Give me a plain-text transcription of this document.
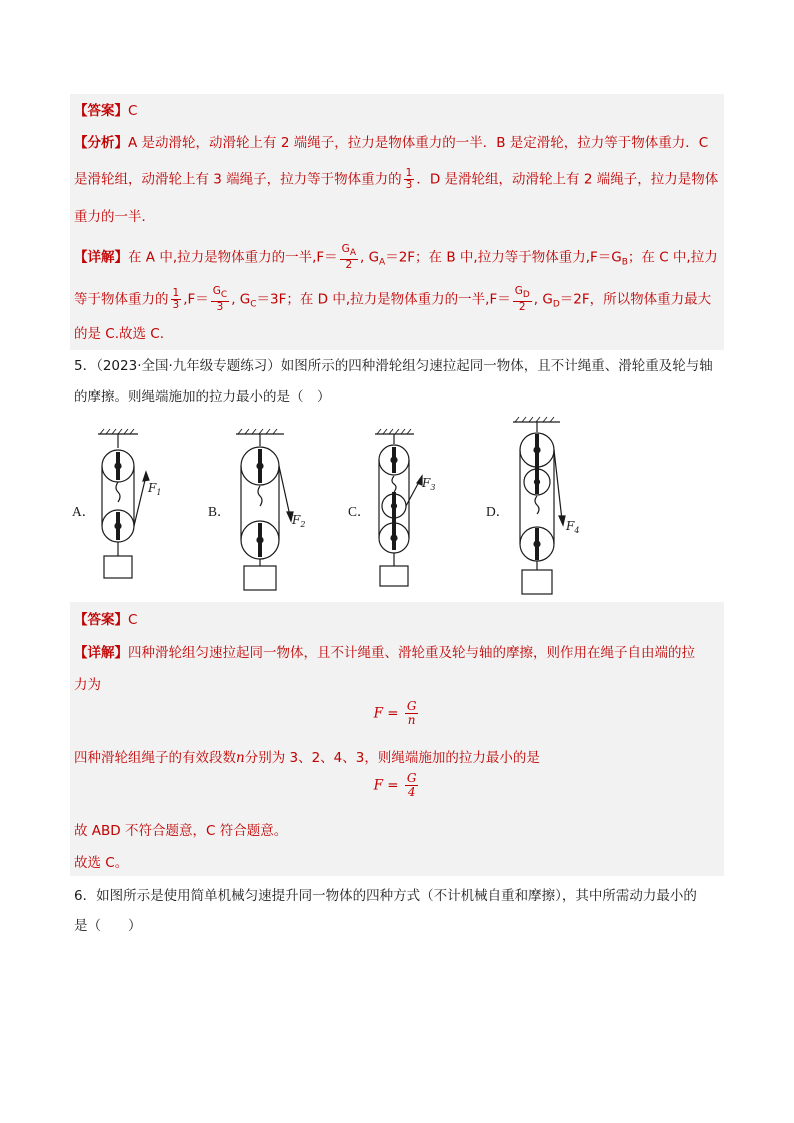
【答案】C
【分析】A 是动滑轮，动滑轮上有 2 端绳子，拉力是物体重力的一半．B 是定滑轮，拉力等于物体重力．C
是滑轮组，动滑轮上有 3 端绳子，拉力等于物体重力的 $\frac{1}{3}$ ．D 是滑轮组，动滑轮上有 2 端绳子，拉力是物体
重力的一半．
【详解】在 A 中,拉力是物体重力的一半$,F= \frac{GA}{2}$ , $G_A=2F$；在 B 中,拉力等于物体重力$,F=G_B$；在 C 中,拉力
等于物体重力的 $\frac{1}{3} ,F= \frac{GC}{3}$ , $G_C=3F$；在 D 中,拉力是物体重力的一半$,F= \frac{GD}{2}$ , $G_D=2F$，所以物体重力最大
的是 C.故选 C.
5．（2023·全国·九年级专题练习）如图所示的四种滑轮组匀速拉起同一物体，且不计绳重、滑轮重及轮与轴
的摩擦。则绳端施加的拉力最小的是（　）
A．	B．	C．	D．
$F_1$
$F_2$
$F_3$
$F_4$
【答案】C
【详解】四种滑轮组匀速拉起同一物体，且不计绳重、滑轮重及轮与轴的摩擦，则作用在绳子自由端的拉
力为
$F = \frac{G}{n}$
四种滑轮组绳子的有效段数n分别为 3、2、4、3，则绳端施加的拉力最小的是
$F = \frac{G}{4}$
故 ABD 不符合题意，C 符合题意。
故选 C。
6．如图所示是使用简单机械匀速提升同一物体的四种方式（不计机械自重和摩擦），其中所需动力最小的
是（　　）
